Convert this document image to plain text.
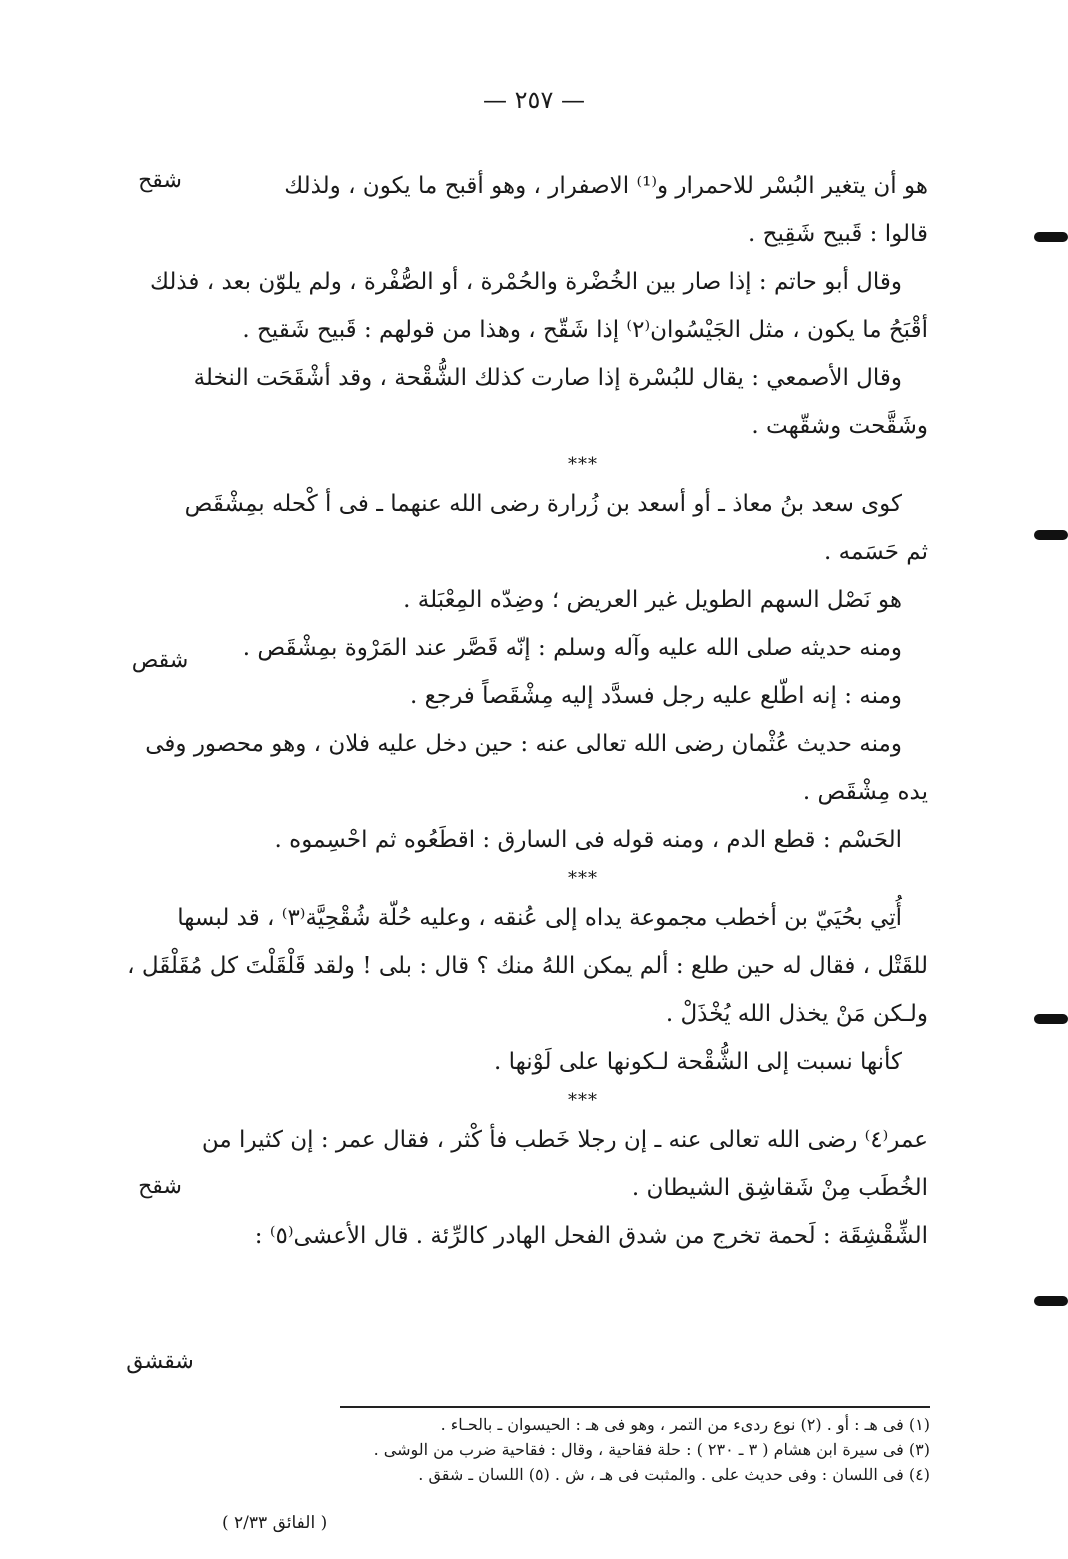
— ٢٥٧ —
شقح
شقص
شقح
شقشق
هو أن يتغير البُسْر للاحمرار و⁽¹⁾ الاصفرار ، وهو أقبح ما يكون ، ولذلك
قالوا : قَبيح شَقِيح .
وقال أبو حاتم : إذا صار بين الخُضْرة والحُمْرة ، أو الصُّفْرة ، ولم يلوّن بعد ، فذلك
أقْبَحُ ما يكون ، مثل الجَيْسُوان⁽٢⁾ إذا شَقّح ، وهذا من قولهم : قَبيح شَقيح .
وقال الأصمعي : يقال للبُسْرة إذا صارت كذلك الشُّقْحة ، وقد أشْقَحَت النخلة
وشَقَّحت وشقّهت .
***
كوى سعد بنُ معاذ ـ أو أسعد بن زُرارة رضى الله عنهما ـ فى أ كْحله بمِشْقَص
ثم حَسَمه .
هو نَصْل السهم الطويل غير العريض ؛ وضِدّه المِعْبَلة .
ومنه حديثه صلى الله عليه وآله وسلم : إنّه قَصَّر عند المَرْوة بمِشْقَص .
ومنه : إنه اطّلع عليه رجل فسدَّد إليه مِشْقَصاً فرجع .
ومنه حديث عُثْمان رضى الله تعالى عنه : حين دخل عليه فلان ، وهو محصور وفى
يده مِشْقَص .
الحَسْم : قطع الدم ، ومنه قوله فى السارق : اقطَعُوه ثم احْسِموه .
***
أُتِي بحُيَيّ بن أخطب مجموعة يداه إلى عُنقه ، وعليه حُلّة شُقْحِيَّة⁽٣⁾ ، قد لبسها
للقَتْل ، فقال له حين طلع : ألم يمكن اللهُ منك ؟ قال : بلى ! ولقد قَلْقَلْتَ كل مُقَلْقَل ،
ولـكن مَنْ يخذل الله يُخْذَلْ .
كأنها نسبت إلى الشُّقْحة لـكونها على لَوْنها .
***
عمر⁽٤⁾ رضى الله تعالى عنه ـ إن رجلا خَطب فأ كْثر ، فقال عمر : إن كثيرا من
الخُطَب مِنْ شَقاشِق الشيطان .
الشِّقْشِقَة : لَحمة تخرج من شدق الفحل الهادر كالرِّئة . قال الأعشى⁽٥⁾ :
(١) فى هـ : أو . (٢) نوع ردىء من التمر ، وهو فى هـ : الحيسوان ـ بالحـاء .
(٣) فى سيرة ابن هشام ( ٣ ـ ٢٣٠ ) : حلة فقاحية ، وقال : فقاحية ضرب من الوشى .
(٤) فى اللسان : وفى حديث على . والمثبت فى هـ ، ش . (٥) اللسان ـ شقق .
( الفائق ٢/٣٣ )
